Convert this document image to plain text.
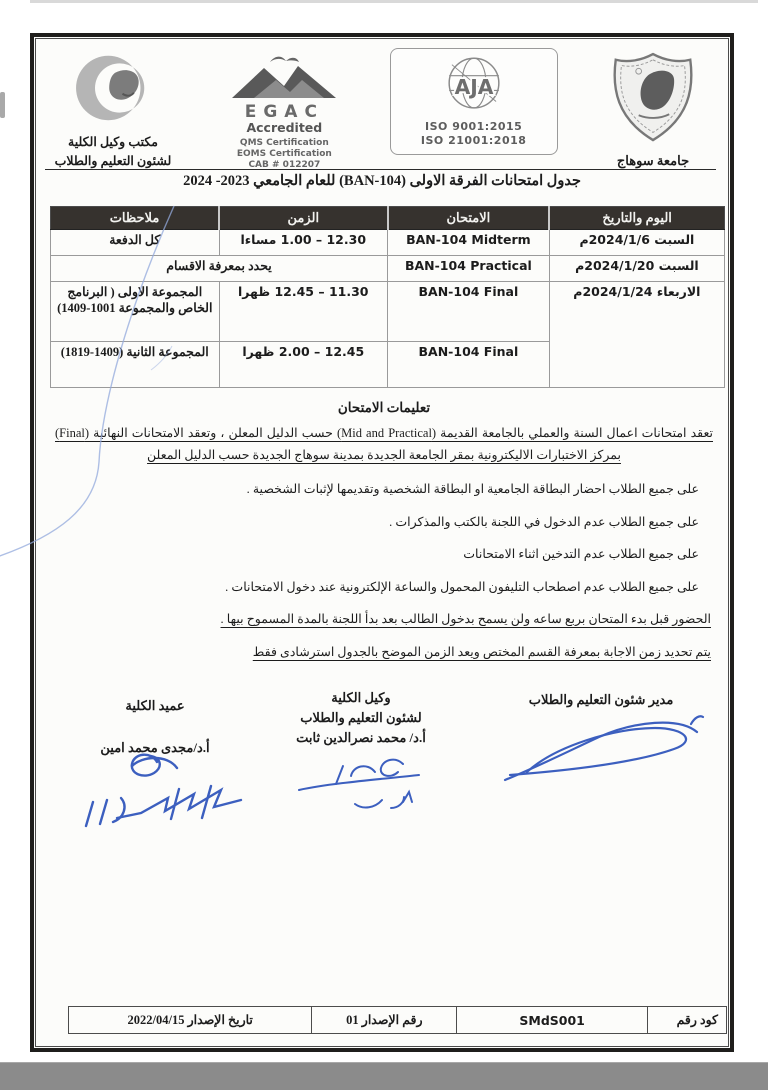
جامعة سوهاج
AJA
ISO 9001:2015
ISO 21001:2018
EGAC
Accredited
QMS Certification
EOMS Certification
CAB # 012207
مكتب وكيل الكلية
لشئون التعليم والطلاب
جدول امتحانات الفرقة الاولى (BAN-104) للعام الجامعي 2023- 2024
اليوم والتاريخ	الامتحان	الزمن	ملاحظات
السبت 2024/1/6م	BAN-104 Midterm	12.30 – 1.00 مساءا	كل الدفعة
السبت 2024/1/20م	BAN-104 Practical	يحدد بمعرفة الاقسام	
الاربعاء 2024/1/24م	BAN-104 Final	11.30 – 12.45 ظهرا	المجموعة الاولى ( البرنامج الخاص والمجموعة 1001-1409)
	BAN-104 Final	12.45 – 2.00 ظهرا	المجموعة الثانية (1409-1819)

تعليمات الامتحان

تعقد امتحانات اعمال السنة والعملي بالجامعة القديمة (Mid and Practical) حسب الدليل المعلن ، وتعقد الامتحانات النهائية (Final) بمركز الاختبارات الاليكترونية بمقر الجامعة الجديدة بمدينة سوهاج الجديدة حسب الدليل المعلن

على جميع الطلاب احضار البطاقة الجامعية او البطاقة الشخصية وتقديمها لإثبات الشخصية .

على جميع الطلاب عدم الدخول في اللجنة بالكتب والمذكرات .

على جميع الطلاب عدم التدخين اثناء الامتحانات

على جميع الطلاب عدم اصطحاب التليفون المحمول والساعة الإلكترونية عند دخول الامتحانات .

الحضور قبل بدء المتحان بربع ساعه ولن يسمح بدخول الطالب بعد بدأ اللجنة بالمدة المسموح بيها .

يتم تحديد زمن الاجابة بمعرفة القسم المختص ويعد الزمن الموضح بالجدول استرشادى فقط

مدير شئون التعليم والطلاب

وكيل الكلية

لشئون التعليم والطلاب

أ.د/ محمد نصرالدين ثابت

عميد الكلية

أ.د/مجدى محمد امين

كود رقم	SMdS001	رقم الإصدار 01	تاريخ الإصدار 2022/04/15
